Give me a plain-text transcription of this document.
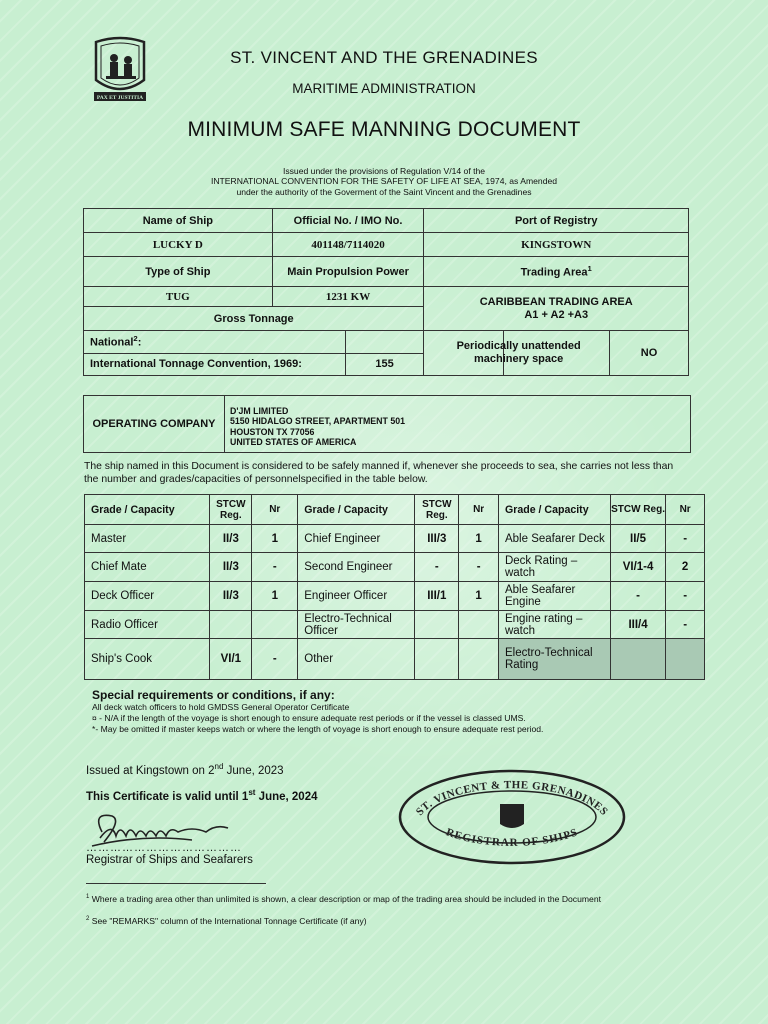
PAX ET JUSTITIA
ST. VINCENT AND THE GRENADINES
MARITIME ADMINISTRATION
MINIMUM SAFE MANNING DOCUMENT
Issued under the provisions of Regulation V/14 of the
INTERNATIONAL CONVENTION FOR THE SAFETY OF LIFE AT SEA, 1974, as Amended
under the authority of the Goverment of the Saint Vincent and the Grenadines
Name of Ship	Official No. / IMO No.		Port of Registry	
LUCKY D	401148/7114020		KINGSTOWN	
Type of Ship	Main Propulsion Power		Trading Area$^1$
TUG	1231 KW		CARIBBEAN TRADING AREA
A1 + A2 +A3	

Gross Tonnage				
National$^2$:				Periodically unattended machinery space NO

International Tonnage Convention, 1969:		155		
OPERATING COMPANY
D'JM LIMITED
5150 HIDALGO STREET, APARTMENT 501
HOUSTON TX 77056
UNITED STATES OF AMERICA
The ship named in this Document is considered to be safely manned if, whenever she proceeds to sea, she carries not less than the number and grades/capacities of personnelspecified in the table below.
Grade / Capacity	STCW Reg.	Nr	Grade / Capacity	STCW Reg.	Nr	Grade / Capacity	STCW Reg.	Nr
Master	II/3	1	Chief Engineer	III/3	1	Able Seafarer Deck	II/5	-
Chief Mate	II/3	-	Second Engineer	-	-	Deck Rating – watch	VI/1-4	2
Deck Officer	II/3	1	Engineer Officer	III/1	1	Able Seafarer Engine	-	-
Radio Officer			Electro-Technical Officer			Engine rating – watch	III/4	-
Ship's Cook	VI/1	-	Other			Electro-Technical Rating		
Special requirements or conditions, if any:
All deck watch officers to hold GMDSS General Operator Certificate
¤ - N/A if the length of the voyage is short enough to ensure adequate rest periods or if the vessel is classed UMS.
*- May be omitted if master keeps watch or where the length of voyage is short enough to ensure adequate rest period.
Issued at Kingstown on 2nd June, 2023
This Certificate is valid until 1st June, 2024
…………………………………
Registrar of Ships and Seafarers
ST. VINCENT & THE GRENADINES
REGISTRAR OF SHIPS
$^1$ Where a trading area other than unlimited is shown, a clear description or map of the trading area should be included in the Document
$^2$ See "REMARKS" column of the International Tonnage Certificate (if any)
